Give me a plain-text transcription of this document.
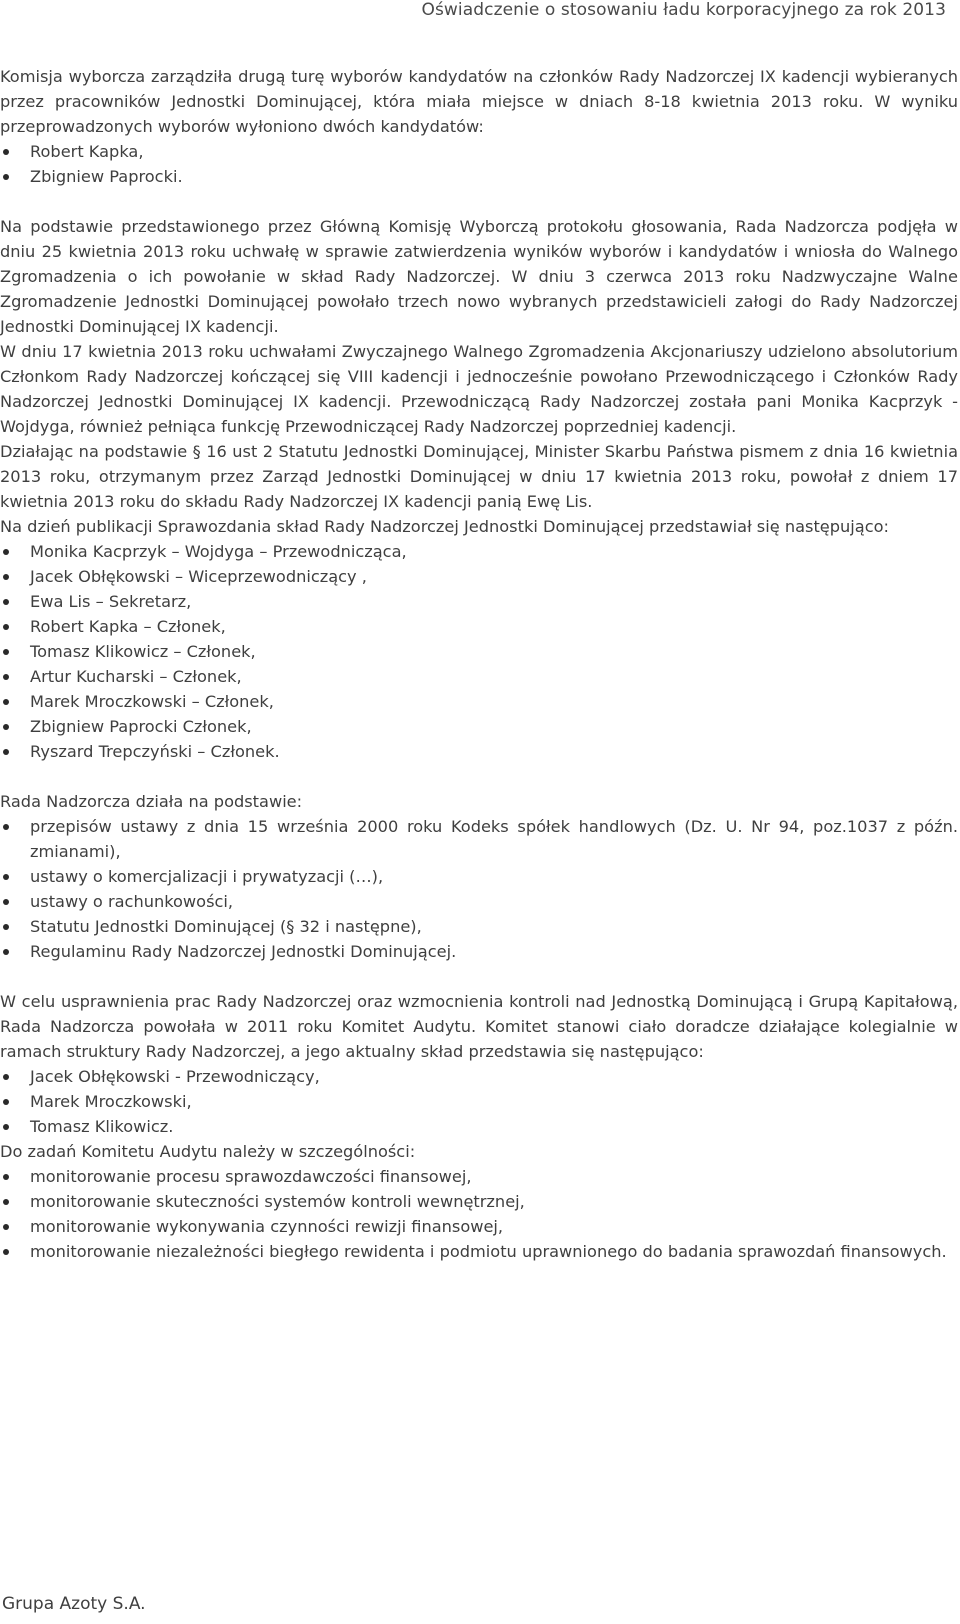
Oświadczenie o stosowaniu ładu korporacyjnego za rok 2013

Komisja wyborcza zarządziła drugą turę wyborów kandydatów na członków Rady Nadzorczej IX kadencji wybieranych przez pracowników Jednostki Dominującej, która miała miejsce w dniach 8-18 kwietnia 2013 roku. W wyniku przeprowadzonych wyborów wyłoniono dwóch kandydatów:

Robert Kapka,
Zbigniew Paprocki.

Na podstawie przedstawionego przez Główną Komisję Wyborczą protokołu głosowania, Rada Nadzorcza podjęła w dniu 25 kwietnia 2013 roku uchwałę w sprawie zatwierdzenia wyników wyborów i kandydatów i wniosła do Walnego Zgromadzenia o ich powołanie w skład Rady Nadzorczej. W dniu 3 czerwca 2013 roku Nadzwyczajne Walne Zgromadzenie Jednostki Dominującej powołało trzech nowo wybranych przedstawicieli załogi do Rady Nadzorczej Jednostki Dominującej IX kadencji.

W dniu 17 kwietnia 2013 roku uchwałami Zwyczajnego Walnego Zgromadzenia Akcjonariuszy udzielono absolutorium Członkom Rady Nadzorczej kończącej się VIII kadencji i jednocześnie powołano Przewodniczącego i Członków Rady Nadzorczej Jednostki Dominującej IX kadencji. Przewodniczącą Rady Nadzorczej została pani Monika Kacprzyk - Wojdyga, również pełniąca funkcję Przewodniczącej Rady Nadzorczej poprzedniej kadencji.

Działając na podstawie § 16 ust 2 Statutu Jednostki Dominującej, Minister Skarbu Państwa pismem z dnia 16 kwietnia 2013 roku, otrzymanym przez Zarząd Jednostki Dominującej w dniu 17 kwietnia 2013 roku, powołał z dniem 17 kwietnia 2013 roku do składu Rady Nadzorczej IX kadencji panią Ewę Lis.

Na dzień publikacji Sprawozdania skład Rady Nadzorczej Jednostki Dominującej przedstawiał się następująco:

Monika Kacprzyk – Wojdyga – Przewodnicząca,
Jacek Obłękowski – Wiceprzewodniczący ,
Ewa Lis – Sekretarz,
Robert Kapka – Członek,
Tomasz Klikowicz – Członek,
Artur Kucharski – Członek,
Marek Mroczkowski – Członek,
Zbigniew Paprocki Członek,
Ryszard Trepczyński – Członek.

Rada Nadzorcza działa na podstawie:

przepisów ustawy z dnia 15 września 2000 roku Kodeks spółek handlowych (Dz. U. Nr 94, poz.1037 z późn. zmianami),
ustawy o komercjalizacji i prywatyzacji (…),
ustawy o rachunkowości,
Statutu Jednostki Dominującej (§ 32 i następne),
Regulaminu Rady Nadzorczej Jednostki Dominującej.

W celu usprawnienia prac Rady Nadzorczej oraz wzmocnienia kontroli nad Jednostką Dominującą i Grupą Kapitałową, Rada Nadzorcza powołała w 2011 roku Komitet Audytu. Komitet stanowi ciało doradcze działające kolegialnie w ramach struktury Rady Nadzorczej, a jego aktualny skład przedstawia się następująco:

Jacek Obłękowski - Przewodniczący,
Marek Mroczkowski,
Tomasz Klikowicz.

Do zadań Komitetu Audytu należy w szczególności:

monitorowanie procesu sprawozdawczości finansowej,
monitorowanie skuteczności systemów kontroli wewnętrznej,
monitorowanie wykonywania czynności rewizji finansowej,
monitorowanie niezależności biegłego rewidenta i podmiotu uprawnionego do badania sprawozdań finansowych.
Grupa Azoty S.A.
